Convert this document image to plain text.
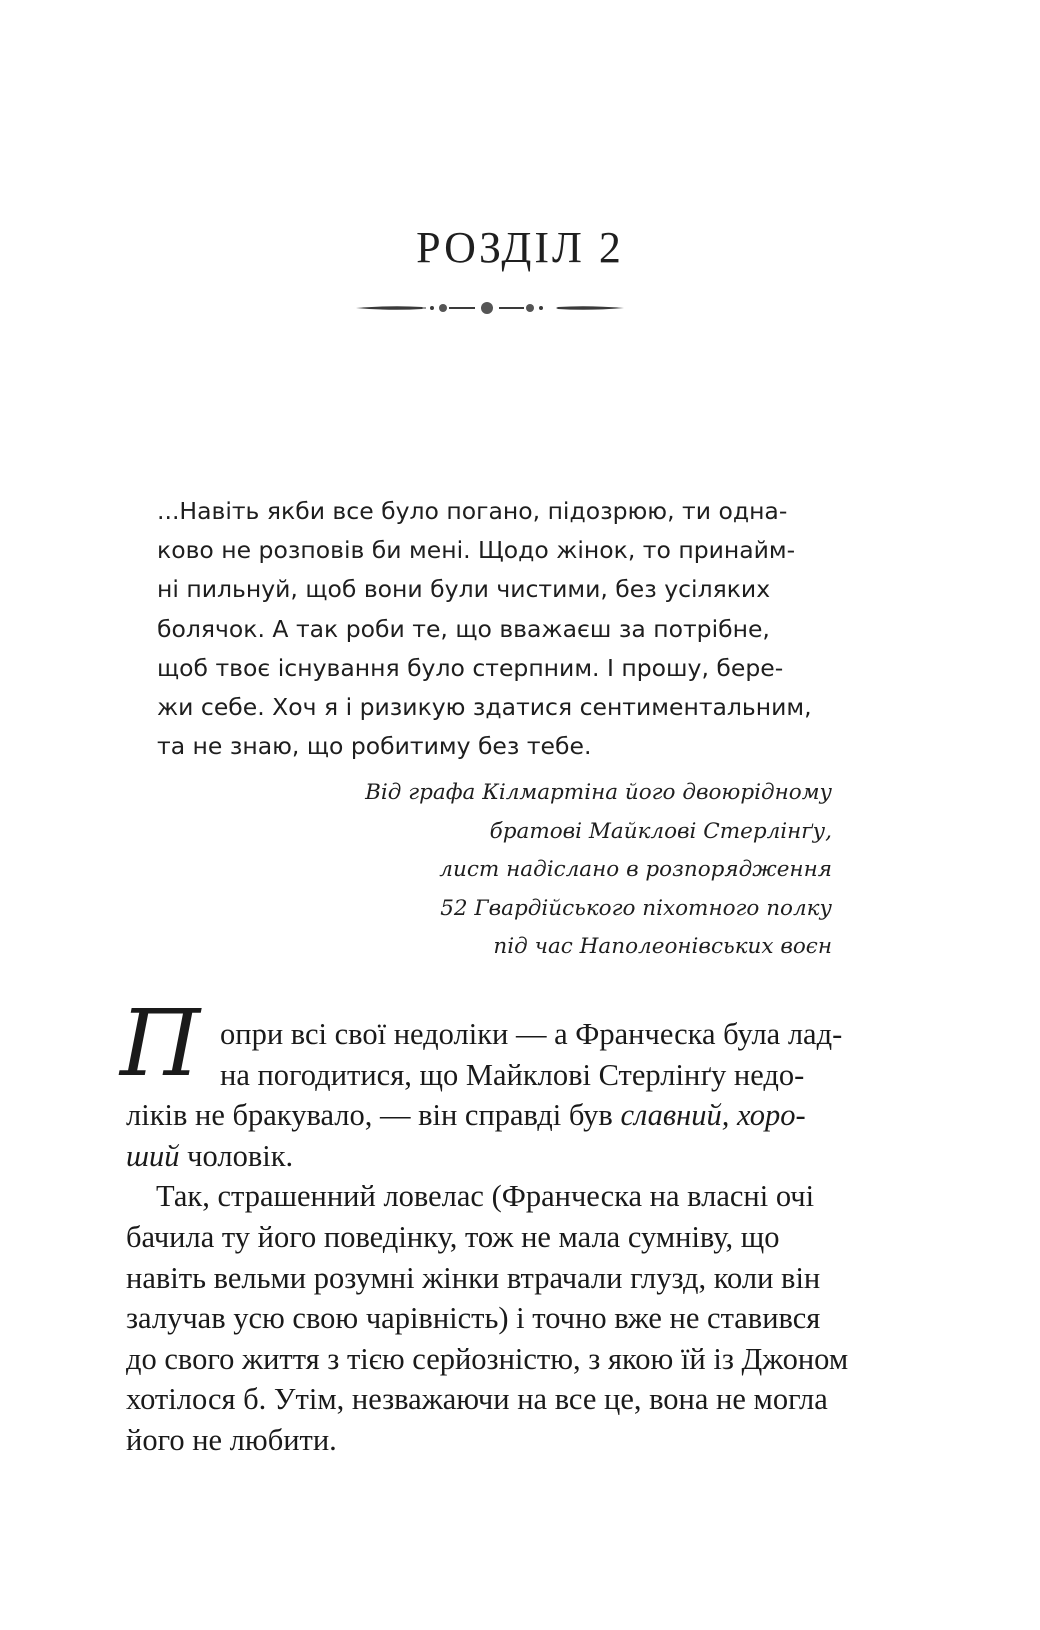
РОЗДІЛ 2
...Навіть якби все було погано, підозрюю, ти одна-
ково не розповів би мені. Щодо жінок, то принайм-
ні пильнуй, щоб вони були чистими, без усіляких
болячок. А так роби те, що вважаєш за потрібне,
щоб твоє існування було стерпним. І прошу, бере-
жи себе. Хоч я і ризикую здатися сентиментальним,
та не знаю, що робитиму без тебе.
Від графа Кілмартіна його двоюрідному
братові Майклові Стерлінґу,
лист надіслано в розпорядження
52 Гвардійського піхотного полку
під час Наполеонівських воєн
П опри всі свої недоліки — а Франческа була лад-
на погодитися, що Майклові Стерлінґу недо-
ліків не бракувало, — він справді був славний, хоро-
ший чоловік.
Так, страшенний ловелас (Франческа на власні очі
бачила ту його поведінку, тож не мала сумніву, що
навіть вельми розумні жінки втрачали глузд, коли він
залучав усю свою чарівність) і точно вже не ставився
до свого життя з тією серйозністю, з якою їй із Джоном
хотілося б. Утім, незважаючи на все це, вона не могла
його не любити.
